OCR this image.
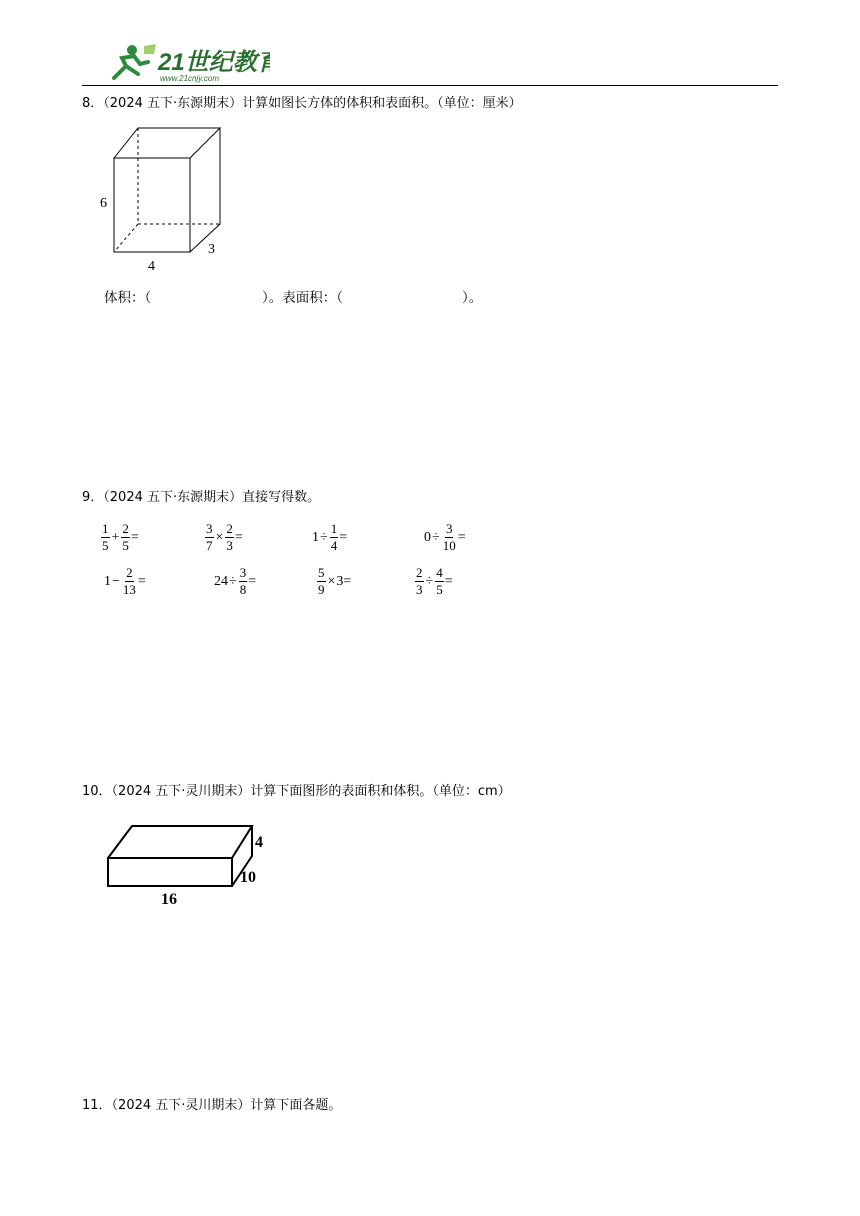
21世纪教育
www.21cnjy.com
8．（2024 五下·东源期末）计算如图长方体的体积和表面积。（单位：厘米）
6
4
3
体积：（	）。表面积：（	）。
9．（2024 五下·东源期末）直接写得数。
$\frac{1}{5} + \frac{2}{5}$ =	$\frac{3}{7} \times \frac{2}{3}$ =	$1 \div \frac{1}{4}$ =	$0 \div \frac{3}{10}$ =
$1 - \frac{2}{13}$ =	$24 \div \frac{3}{8}$ =	$\frac{5}{9} \times 3$ =	$\frac{2}{3} \div \frac{4}{5}$ =
10．（2024 五下·灵川期末）计算下面图形的表面积和体积。（单位：cm）
4
10
16
11．（2024 五下·灵川期末）计算下面各题。
